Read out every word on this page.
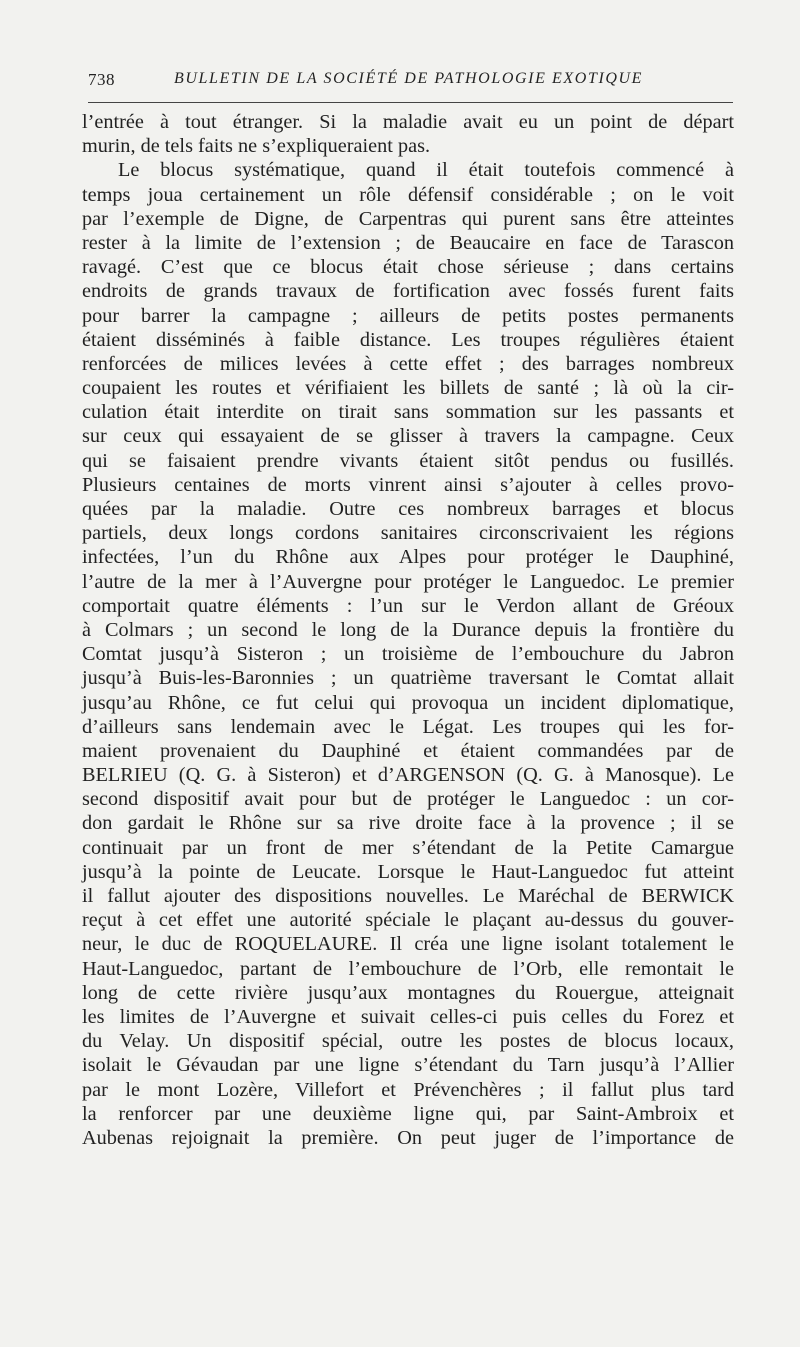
738	BULLETIN DE LA SOCIÉTÉ DE PATHOLOGIE EXOTIQUE
l’entrée à tout étranger. Si la maladie avait eu un point de départ
murin, de tels faits ne s’expliqueraient pas.
Le blocus systématique, quand il était toutefois commencé à
temps joua certainement un rôle défensif considérable ; on le voit
par l’exemple de Digne, de Carpentras qui purent sans être atteintes
rester à la limite de l’extension ; de Beaucaire en face de Tarascon
ravagé. C’est que ce blocus était chose sérieuse ; dans certains
endroits de grands travaux de fortification avec fossés furent faits
pour barrer la campagne ; ailleurs de petits postes permanents
étaient disséminés à faible distance. Les troupes régulières étaient
renforcées de milices levées à cette effet ; des barrages nombreux
coupaient les routes et vérifiaient les billets de santé ; là où la cir-
culation était interdite on tirait sans sommation sur les passants et
sur ceux qui essayaient de se glisser à travers la campagne. Ceux
qui se faisaient prendre vivants étaient sitôt pendus ou fusillés.
Plusieurs centaines de morts vinrent ainsi s’ajouter à celles provo-
quées par la maladie. Outre ces nombreux barrages et blocus
partiels, deux longs cordons sanitaires circonscrivaient les régions
infectées, l’un du Rhône aux Alpes pour protéger le Dauphiné,
l’autre de la mer à l’Auvergne pour protéger le Languedoc. Le premier
comportait quatre éléments : l’un sur le Verdon allant de Gréoux
à Colmars ; un second le long de la Durance depuis la frontière du
Comtat jusqu’à Sisteron ; un troisième de l’embouchure du Jabron
jusqu’à Buis-les-Baronnies ; un quatrième traversant le Comtat allait
jusqu’au Rhône, ce fut celui qui provoqua un incident diplomatique,
d’ailleurs sans lendemain avec le Légat. Les troupes qui les for-
maient provenaient du Dauphiné et étaient commandées par de
BELRIEU (Q. G. à Sisteron) et d’ARGENSON (Q. G. à Manosque). Le
second dispositif avait pour but de protéger le Languedoc : un cor-
don gardait le Rhône sur sa rive droite face à la provence ; il se
continuait par un front de mer s’étendant de la Petite Camargue
jusqu’à la pointe de Leucate. Lorsque le Haut-Languedoc fut atteint
il fallut ajouter des dispositions nouvelles. Le Maréchal de BERWICK
reçut à cet effet une autorité spéciale le plaçant au-dessus du gouver-
neur, le duc de ROQUELAURE. Il créa une ligne isolant totalement le
Haut-Languedoc, partant de l’embouchure de l’Orb, elle remontait le
long de cette rivière jusqu’aux montagnes du Rouergue, atteignait
les limites de l’Auvergne et suivait celles-ci puis celles du Forez et
du Velay. Un dispositif spécial, outre les postes de blocus locaux,
isolait le Gévaudan par une ligne s’étendant du Tarn jusqu’à l’Allier
par le mont Lozère, Villefort et Prévenchères ; il fallut plus tard
la renforcer par une deuxième ligne qui, par Saint-Ambroix et
Aubenas rejoignait la première. On peut juger de l’importance de
